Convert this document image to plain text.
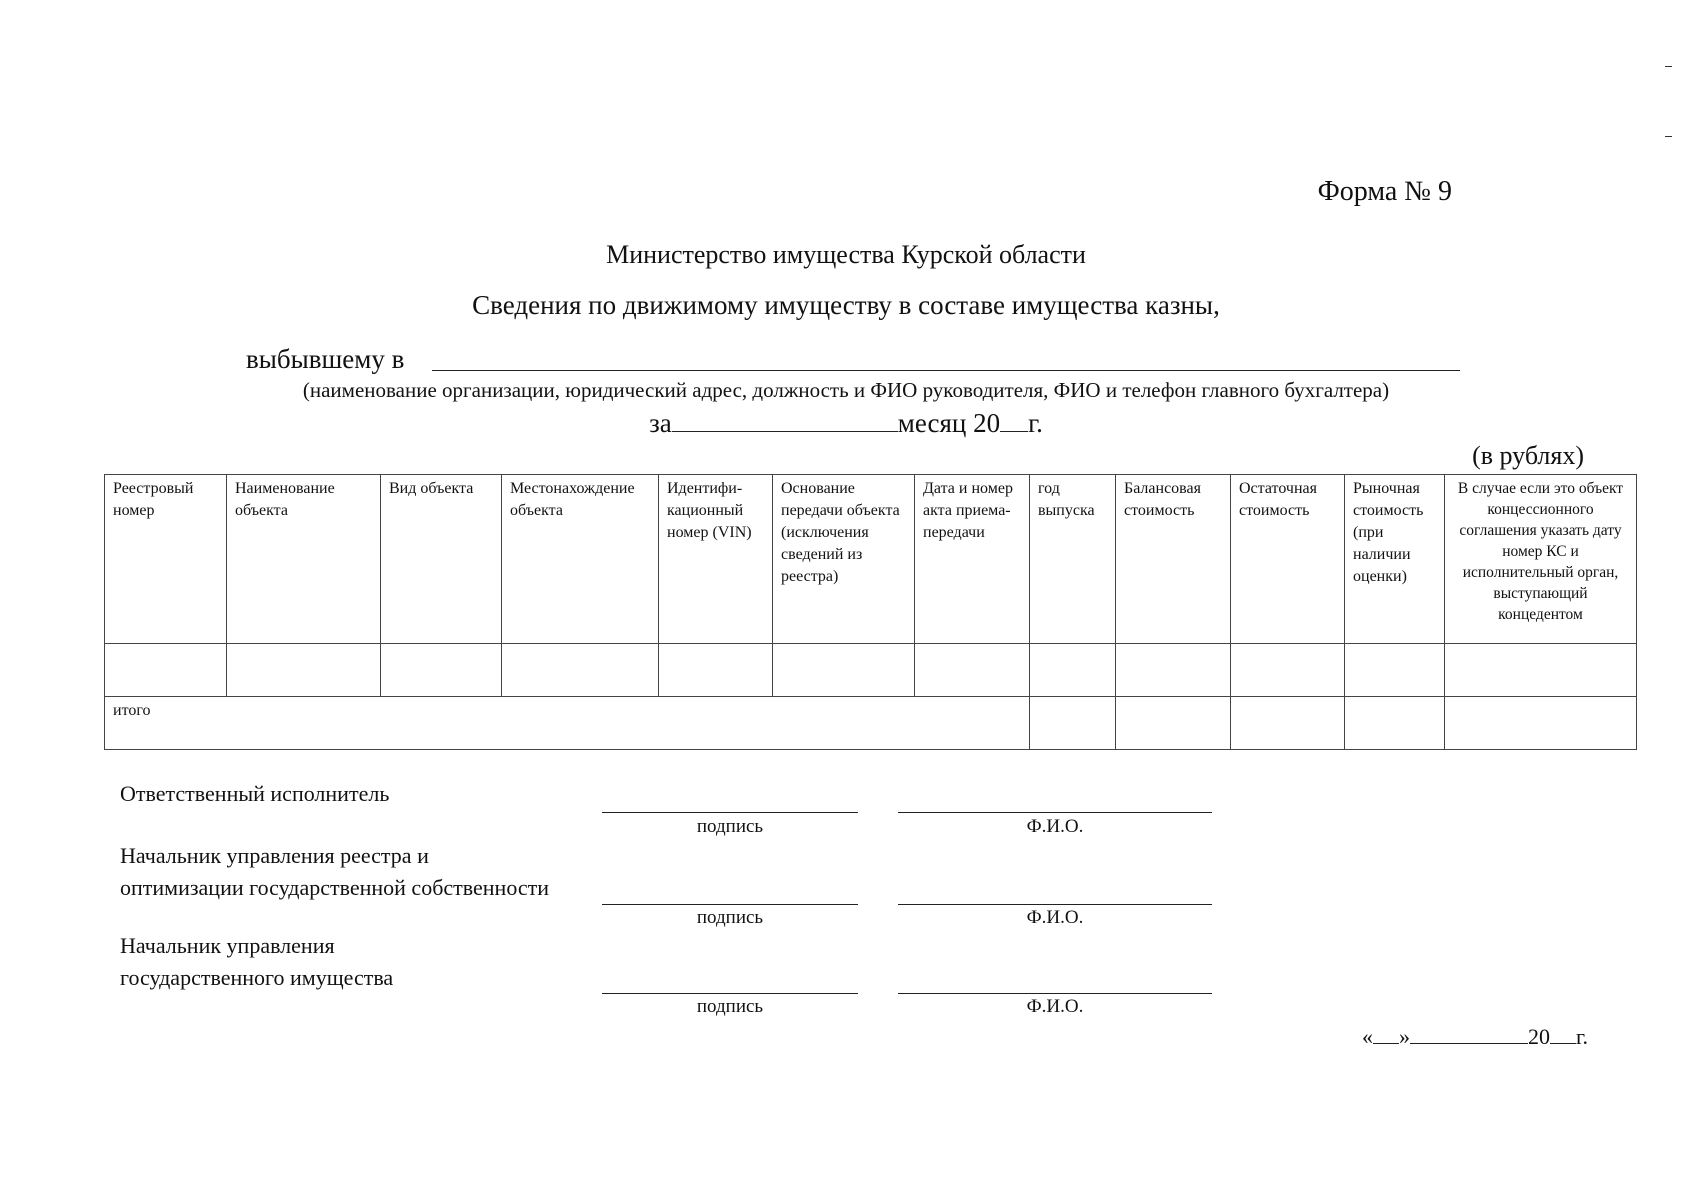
Форма № 9
Министерство имущества Курской области
Сведения по движимому имуществу в составе имущества казны,
выбывшему в
(наименование организации, юридический адрес, должность и ФИО руководителя, ФИО и телефон главного бухгалтера)
за	месяц 20 г.
(в рублях)
Реестровый номер	Наименование объекта	Вид объекта	Местонахождение объекта	Идентифи-кационный номер (VIN)	Основание передачи объекта (исключения сведений из реестра)	Дата и номер акта приема-передачи	год выпуска	Балансовая стоимость	Остаточная стоимость	Рыночная стоимость (при наличии оценки)	В случае если это объект концессионного соглашения указать дату номер КС и исполнительный орган, выступающий концедентом

итого											
Ответственный исполнитель
подпись	Ф.И.О.
Начальник управления реестра и
оптимизации государственной собственности
подпись	Ф.И.О.
Начальник управления
государственного имущества
подпись	Ф.И.О.
« »	20 г.
